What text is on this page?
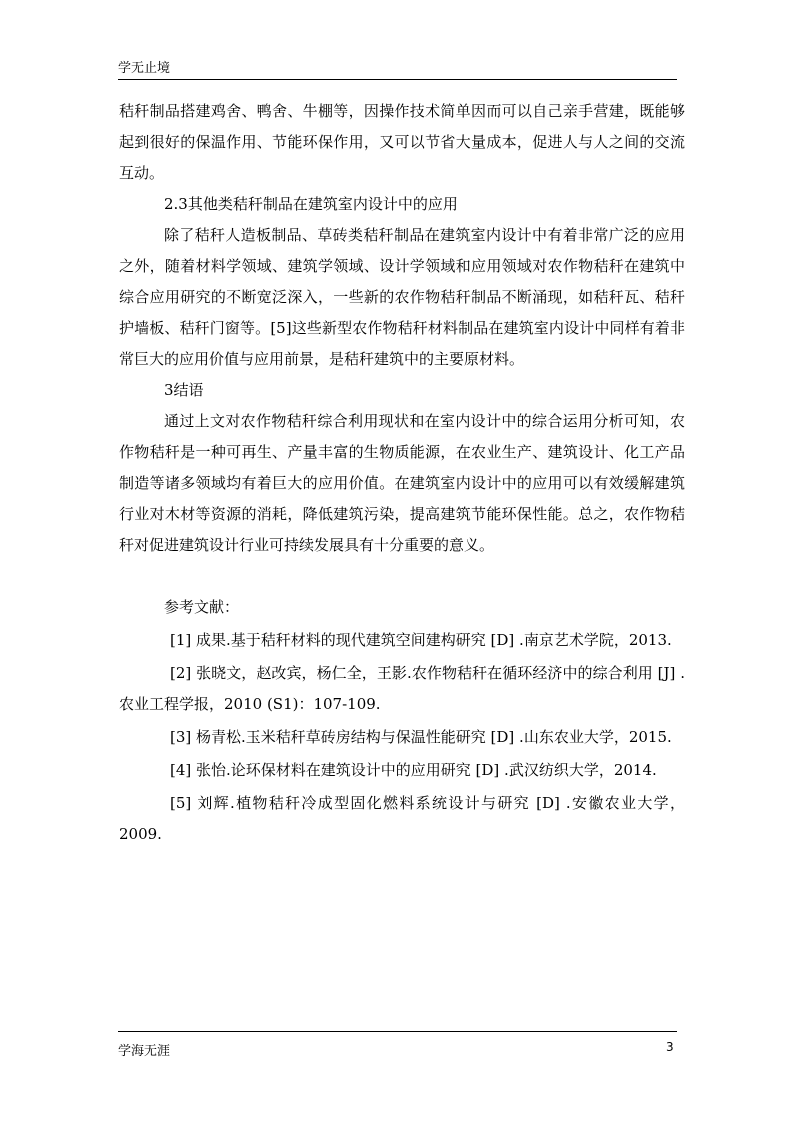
学无止境

秸秆制品搭建鸡舍、鸭舍、牛棚等，因操作技术简单因而可以自己亲手营建，既能够起到很好的保温作用、节能环保作用，又可以节省大量成本，促进人与人之间的交流互动。

2.3其他类秸秆制品在建筑室内设计中的应用

除了秸秆人造板制品、草砖类秸秆制品在建筑室内设计中有着非常广泛的应用之外，随着材料学领域、建筑学领域、设计学领域和应用领域对农作物秸秆在建筑中综合应用研究的不断宽泛深入，一些新的农作物秸秆制品不断涌现，如秸秆瓦、秸秆护墙板、秸秆门窗等。[5]这些新型农作物秸秆材料制品在建筑室内设计中同样有着非常巨大的应用价值与应用前景，是秸秆建筑中的主要原材料。

3结语

通过上文对农作物秸秆综合利用现状和在室内设计中的综合运用分析可知，农作物秸秆是一种可再生、产量丰富的生物质能源，在农业生产、建筑设计、化工产品制造等诸多领域均有着巨大的应用价值。在建筑室内设计中的应用可以有效缓解建筑行业对木材等资源的消耗，降低建筑污染，提高建筑节能环保性能。总之，农作物秸秆对促进建筑设计行业可持续发展具有十分重要的意义。

参考文献：

[1] 成果.基于秸秆材料的现代建筑空间建构研究 [D] .南京艺术学院，2013.

[2] 张晓文，赵改宾，杨仁全，王影.农作物秸秆在循环经济中的综合利用 [J] .农业工程学报，2010 (S1)：107-109.

[3] 杨青松.玉米秸秆草砖房结构与保温性能研究 [D] .山东农业大学，2015.

[4] 张怡.论环保材料在建筑设计中的应用研究 [D] .武汉纺织大学，2014.

[5] 刘辉.植物秸秆冷成型固化燃料系统设计与研究 [D] .安徽农业大学，2009.

学海无涯	3
